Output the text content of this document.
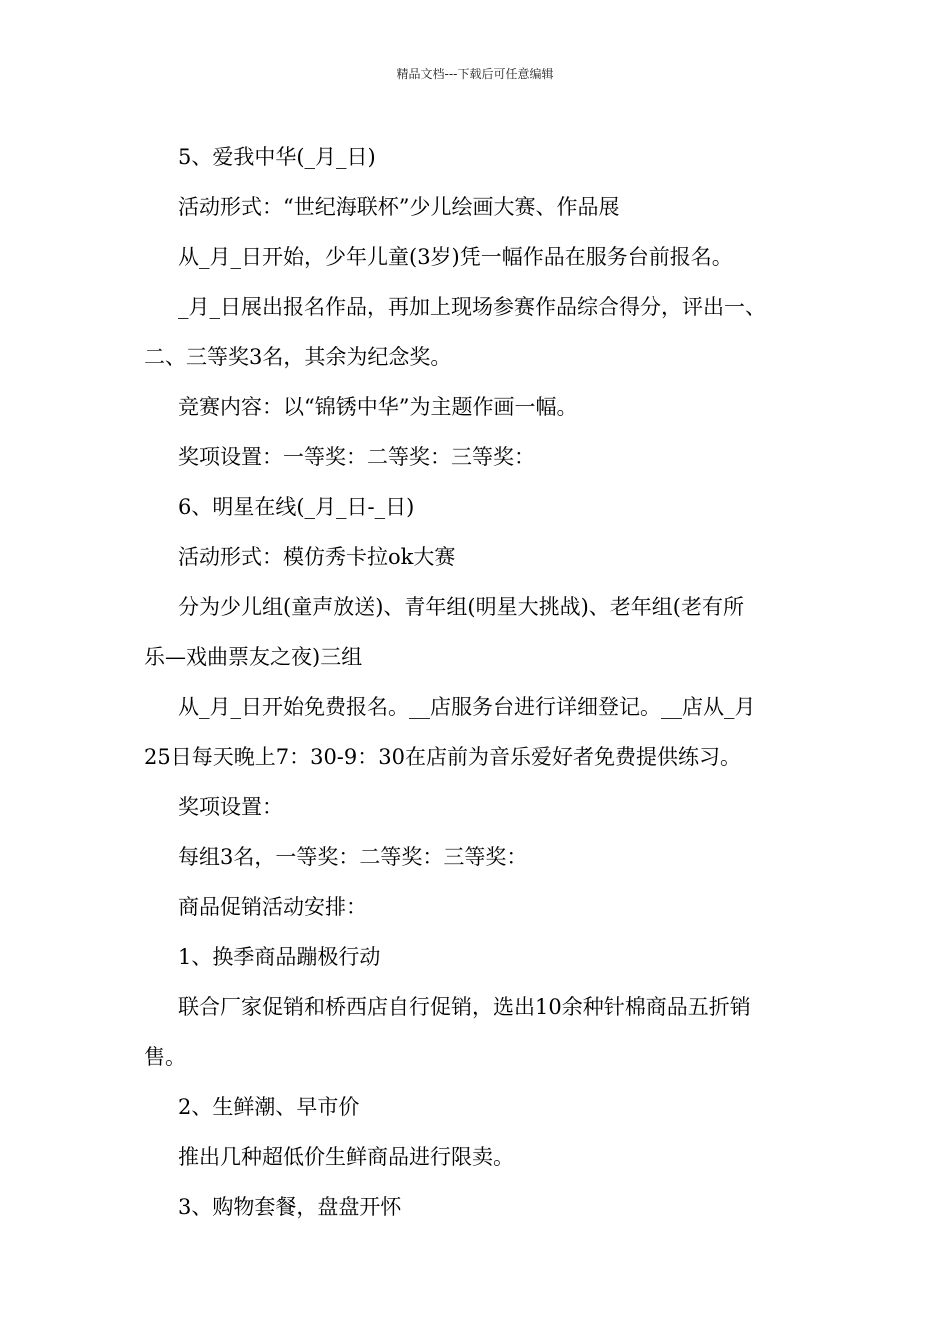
精品文档---下载后可任意编辑

5、爱我中华(_月_日)

活动形式：“世纪海联杯”少儿绘画大赛、作品展

从_月_日开始，少年儿童(3岁)凭一幅作品在服务台前报名。

_月_日展出报名作品，再加上现场参赛作品综合得分，评出一、

二、三等奖3名，其余为纪念奖。

竞赛内容：以“锦锈中华”为主题作画一幅。

奖项设置：一等奖：二等奖：三等奖：

6、明星在线(_月_日-_日)

活动形式：模仿秀卡拉ok大赛

分为少儿组(童声放送)、青年组(明星大挑战)、老年组(老有所

乐—戏曲票友之夜)三组

从_月_日开始免费报名。__店服务台进行详细登记。__店从_月

25日每天晚上7：30-9：30在店前为音乐爱好者免费提供练习。

奖项设置：

每组3名，一等奖：二等奖：三等奖：

商品促销活动安排：

1、换季商品蹦极行动

联合厂家促销和桥西店自行促销，选出10余种针棉商品五折销

售。

2、生鲜潮、早市价

推出几种超低价生鲜商品进行限卖。

3、购物套餐，盘盘开怀
